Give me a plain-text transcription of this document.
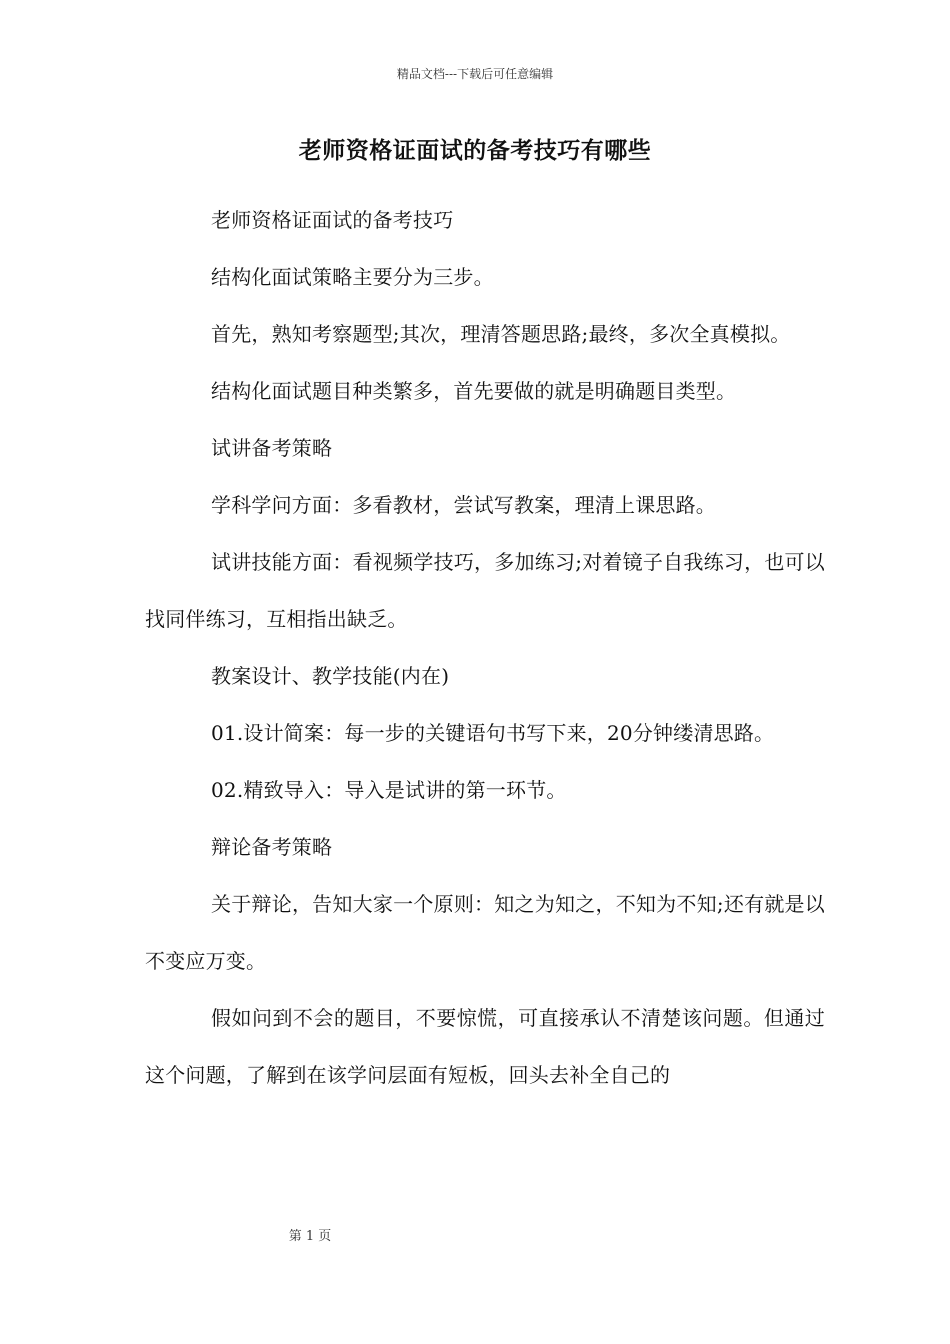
精品文档---下载后可任意编辑
老师资格证面试的备考技巧有哪些

老师资格证面试的备考技巧

结构化面试策略主要分为三步。

首先，熟知考察题型;其次，理清答题思路;最终，多次全真模拟。

结构化面试题目种类繁多，首先要做的就是明确题目类型。

试讲备考策略

学科学问方面：多看教材，尝试写教案，理清上课思路。

试讲技能方面：看视频学技巧，多加练习;对着镜子自我练习，也可以找同伴练习，互相指出缺乏。

教案设计、教学技能(内在)

01.设计简案：每一步的关键语句书写下来，20分钟缕清思路。

02.精致导入：导入是试讲的第一环节。

辩论备考策略

关于辩论，告知大家一个原则：知之为知之，不知为不知;还有就是以不变应万变。

假如问到不会的题目，不要惊慌，可直接承认不清楚该问题。但通过这个问题，了解到在该学问层面有短板，回头去补全自己的

第 1 页
